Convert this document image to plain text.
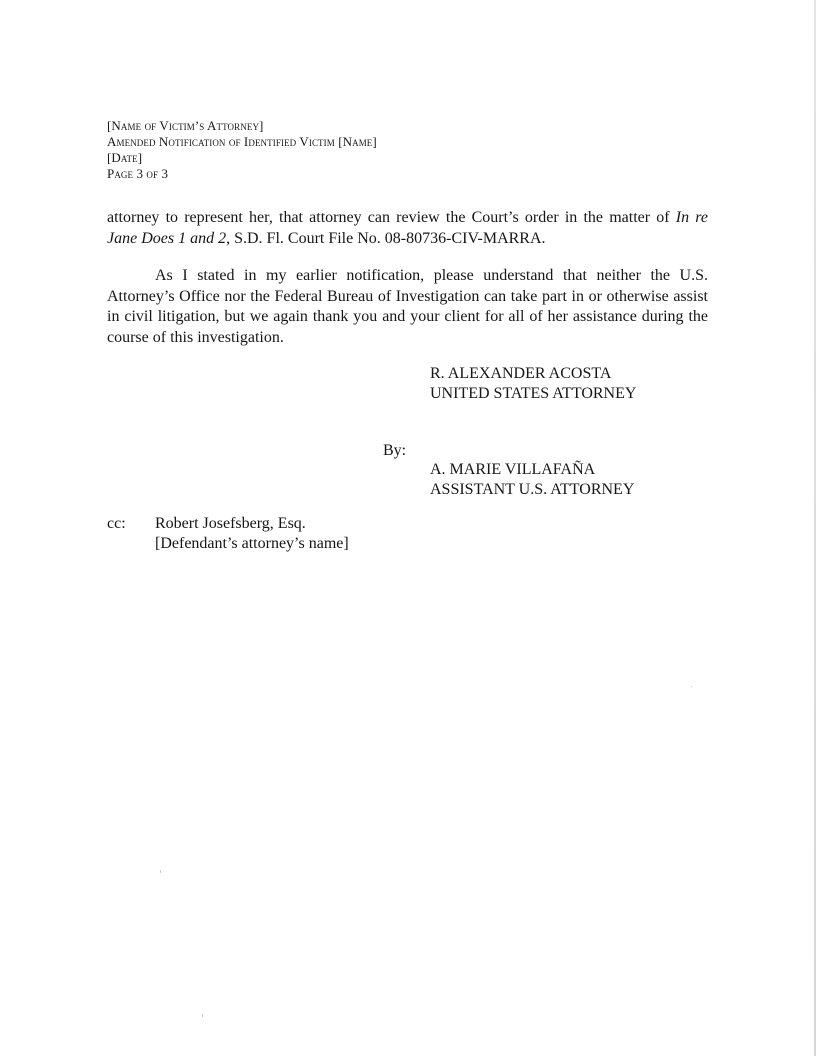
[Name of Victim’s Attorney]
Amended Notification of Identified Victim [Name]
[Date]
Page 3 of 3
attorney to represent her, that attorney can review the Court’s order in the matter of In re
Jane Does 1 and 2, S.D. Fl. Court File No. 08-80736-CIV-MARRA.
As I stated in my earlier notification, please understand that neither the U.S.
Attorney’s Office nor the Federal Bureau of Investigation can take part in or otherwise assist
in civil litigation, but we again thank you and your client for all of her assistance during the
course of this investigation.
R. ALEXANDER ACOSTA
UNITED STATES ATTORNEY
By:
A. MARIE VILLAFAÑA
ASSISTANT U.S. ATTORNEY
cc: Robert Josefsberg, Esq.
[Defendant’s attorney’s name]
